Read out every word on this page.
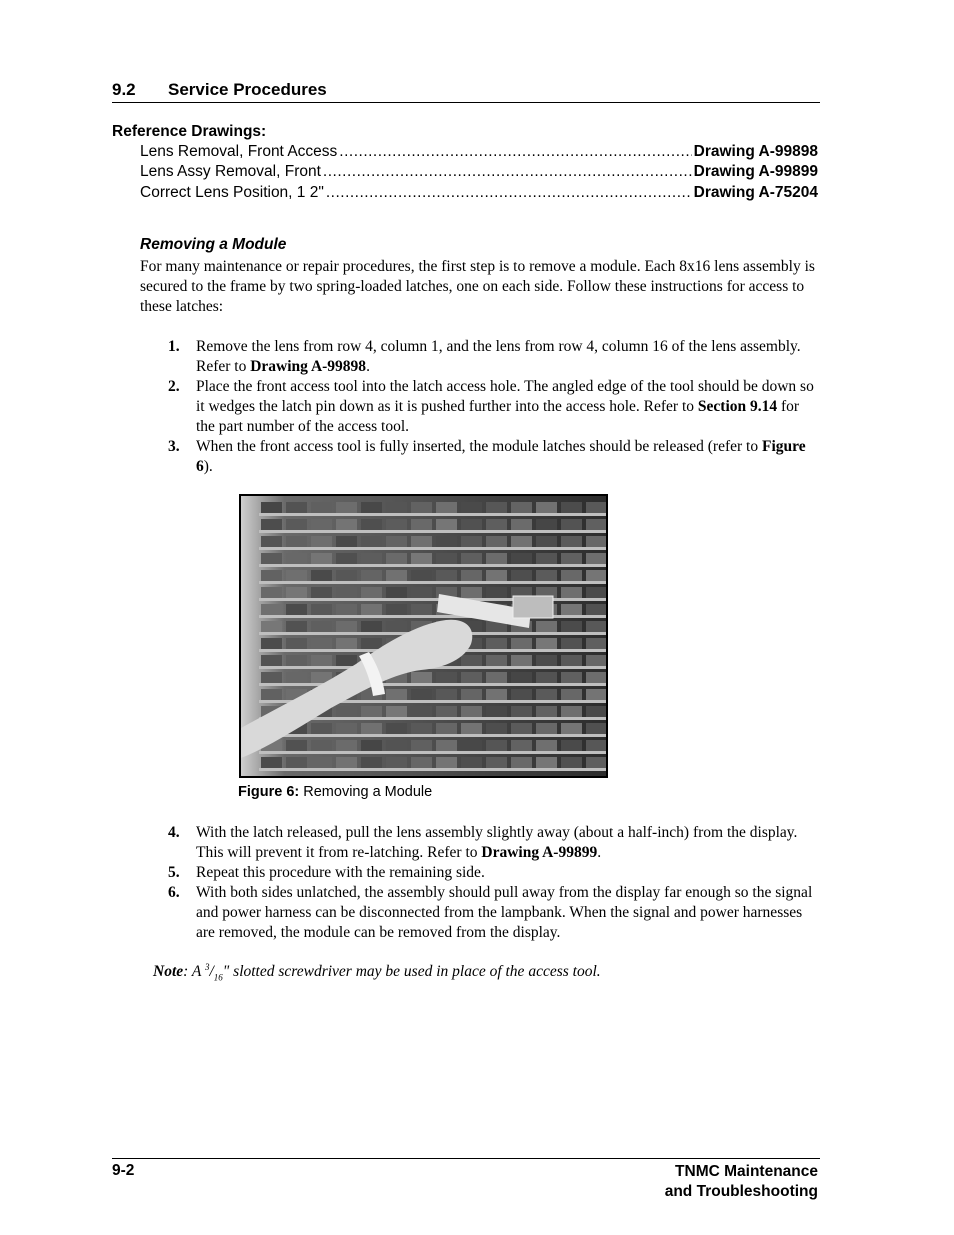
9.2 Service Procedures
Reference Drawings:
Lens Removal, Front Access .....	Drawing A-99898
Lens Assy Removal, Front .....	Drawing A-99899
Correct Lens Position, 1 2" .....	Drawing A-75204
Removing a Module
For many maintenance or repair procedures, the first step is to remove a module. Each 8x16 lens assembly is secured to the frame by two spring-loaded latches, one on each side. Follow these instructions for access to these latches:
1. Remove the lens from row 4, column 1, and the lens from row 4, column 16 of the lens assembly. Refer to Drawing A-99898.
2. Place the front access tool into the latch access hole. The angled edge of the tool should be down so it wedges the latch pin down as it is pushed further into the access hole. Refer to Section 9.14 for the part number of the access tool.
3. When the front access tool is fully inserted, the module latches should be released (refer to Figure 6).
Figure 6: Removing a Module
4. With the latch released, pull the lens assembly slightly away (about a half-inch) from the display. This will prevent it from re-latching. Refer to Drawing A-99899.
5. Repeat this procedure with the remaining side.
6. With both sides unlatched, the assembly should pull away from the display far enough so the signal and power harness can be disconnected from the lampbank. When the signal and power harnesses are removed, the module can be removed from the display.
Note: A $^3/_{16}$" slotted screwdriver may be used in place of the access tool.
9-2	TNMC Maintenance
and Troubleshooting
